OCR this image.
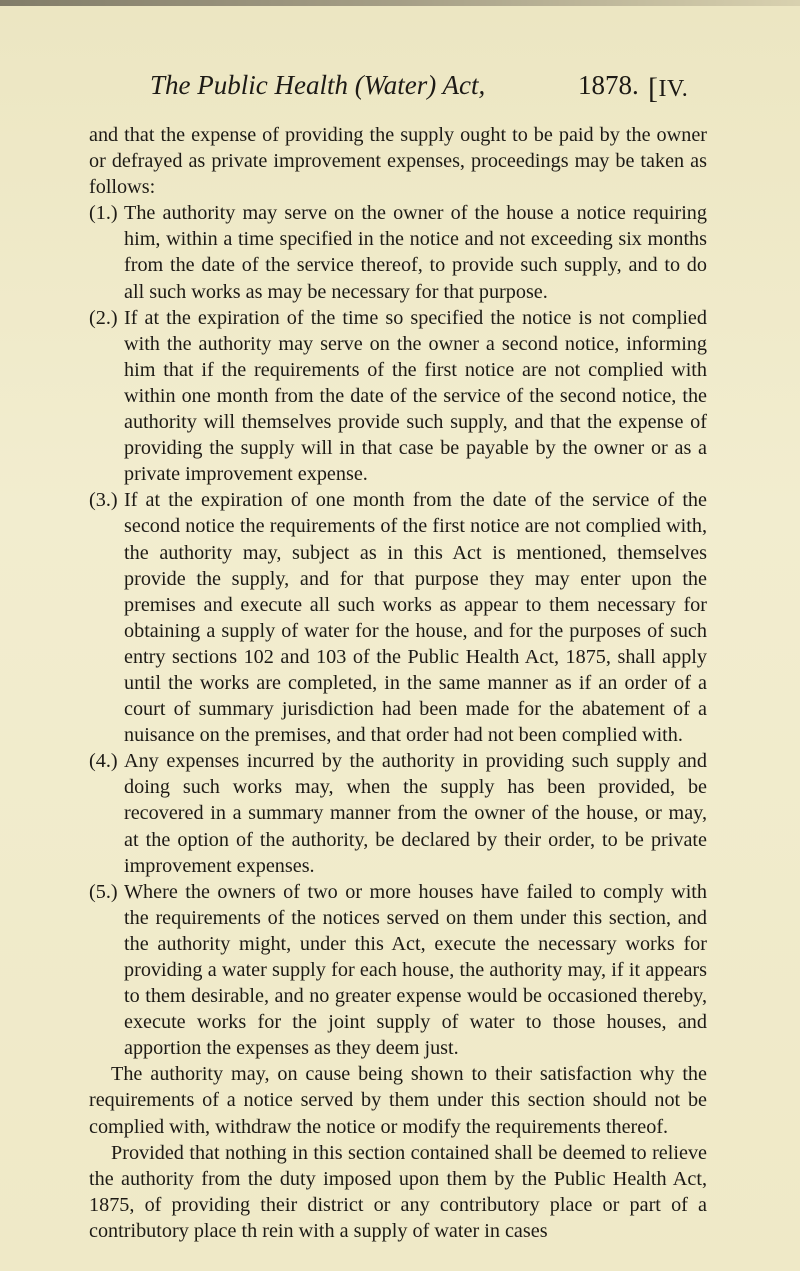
The Public Health (Water) Act,	1878. [IV.

and that the expense of providing the supply ought to be paid by the owner or defrayed as private improvement expenses, proceedings may be taken as follows:

(1.) The authority may serve on the owner of the house a notice requiring him, within a time specified in the notice and not exceeding six months from the date of the service thereof, to provide such supply, and to do all such works as may be necessary for that purpose.

(2.) If at the expiration of the time so specified the notice is not complied with the authority may serve on the owner a second notice, informing him that if the requirements of the first notice are not complied with within one month from the date of the service of the second notice, the authority will themselves provide such supply, and that the expense of providing the supply will in that case be payable by the owner or as a private improvement expense.

(3.) If at the expiration of one month from the date of the service of the second notice the requirements of the first notice are not complied with, the authority may, subject as in this Act is mentioned, themselves provide the supply, and for that purpose they may enter upon the premises and execute all such works as appear to them necessary for obtaining a supply of water for the house, and for the purposes of such entry sections 102 and 103 of the Public Health Act, 1875, shall apply until the works are completed, in the same manner as if an order of a court of summary jurisdiction had been made for the abatement of a nuisance on the premises, and that order had not been complied with.

(4.) Any expenses incurred by the authority in providing such supply and doing such works may, when the supply has been provided, be recovered in a summary manner from the owner of the house, or may, at the option of the authority, be declared by their order, to be private improvement expenses.

(5.) Where the owners of two or more houses have failed to comply with the requirements of the notices served on them under this section, and the authority might, under this Act, execute the necessary works for providing a water supply for each house, the authority may, if it appears to them desirable, and no greater expense would be occasioned thereby, execute works for the joint supply of water to those houses, and apportion the expenses as they deem just.

The authority may, on cause being shown to their satisfaction why the requirements of a notice served by them under this section should not be complied with, withdraw the notice or modify the requirements thereof.

Provided that nothing in this section contained shall be deemed to relieve the authority from the duty imposed upon them by the Public Health Act, 1875, of providing their district or any contributory place or part of a contributory place th rein with a supply of water in cases
